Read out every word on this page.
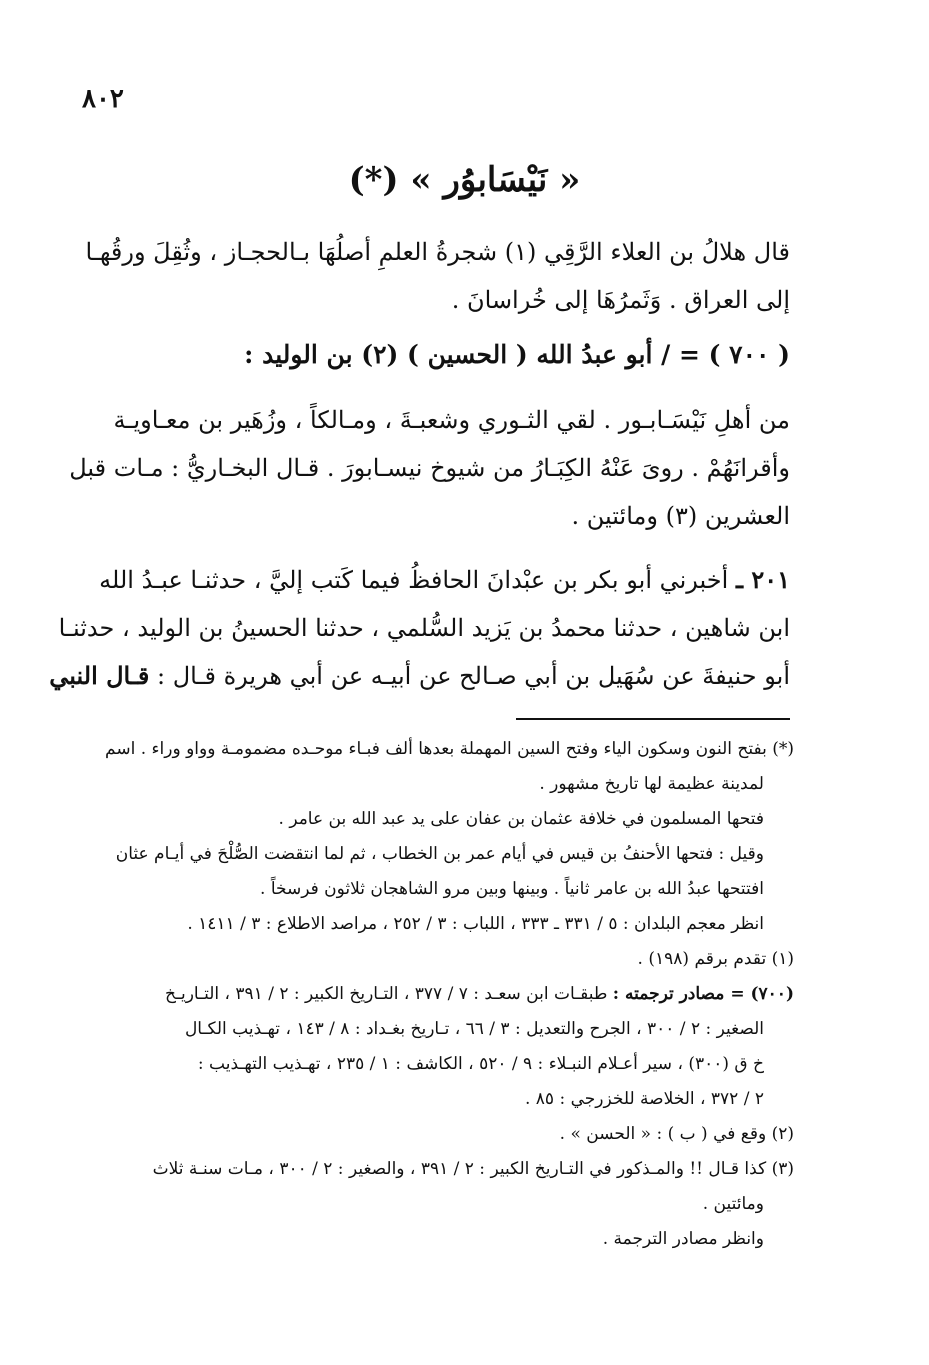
٨٠٢
« نَيْسَابوُر » (*)
قال هلالُ بن العلاء الرَّقِي (١) شجرةُ العلمِ أصلُهَا بـالحجـاز ، وثُقِلَ ورقُهـا
إلى العراق . وَثَمرُهَا إلى خُراسانَ .
( ٧٠٠ ) = / أبو عبدُ الله ( الحسين ) (٢) بن الوليد :
من أهلِ نَيْسَـابـور . لقي الثـوري وشعبـةَ ، ومـالكاً ، وزُهَير بن معـاويـة
وأقرانَهُمْ . روىَ عَنْهُ الكِبَـارُ من شيوخ نيسـابورَ . قـال البخـاريُّ : مـات قبل
العشرين (٣) ومائتين .
٢٠١ ـ أخبرني أبو بكر بن عبْدانَ الحافظُ فيما كَتب إليَّ ، حدثنـا عبـدُ الله
ابن شاهين ، حدثنا محمدُ بن يَزيد السُّلمي ، حدثنا الحسينُ بن الوليد ، حدثنـا
أبو حنيفةَ عن سُهَيل بن أبي صـالح عن أبيـه عن أبي هريرة قـال : قـال النبي
(*) بفتح النون وسكون الياء وفتح السين المهملة بعدها ألف فبـاء موحـده مضمومـة وواو وراء . اسم
لمدينة عظيمة لها تاريخ مشهور .
فتحها المسلمون في خلافة عثمان بن عفان على يد عبد الله بن عامر .
وقيل : فتحها الأحنفُ بن قيس في أيام عمر بن الخطاب ، ثم لما انتقضت الصُّلْحَ في أيـام عثان
افتتحها عبدُ الله بن عامر ثانياً . وبينها وبين مرو الشاهجان ثلاثون فرسخاً .
انظر معجم البلدان : ٥ / ٣٣١ ـ ٣٣٣ ، اللباب : ٣ / ٢٥٢ ، مراصد الاطلاع : ٣ / ١٤١١ .
(١) تقدم برقم (١٩٨) .
(٧٠٠) = مصادر ترجمته : طبقـات ابن سعـد : ٧ / ٣٧٧ ، التـاريخ الكبير : ٢ / ٣٩١ ، التـاريـخ
الصغير : ٢ / ٣٠٠ ، الجرح والتعديل : ٣ / ٦٦ ، تـاريخ بغـداد : ٨ / ١٤٣ ، تهـذيب الكـال
خ ق (٣٠٠) ، سير أعـلام النبـلاء : ٩ / ٥٢٠ ، الكاشف : ١ / ٢٣٥ ، تهـذيب التهـذيب :
٢ / ٣٧٢ ، الخلاصة للخزرجي : ٨٥ .
(٢) وقع في ( ب ) : « الحسن » .
(٣) كذا قـال !! والمـذكور في التـاريخ الكبير : ٢ / ٣٩١ ، والصغير : ٢ / ٣٠٠ ، مـات سنـة ثلاث
ومائتين .
وانظر مصادر الترجمة .
